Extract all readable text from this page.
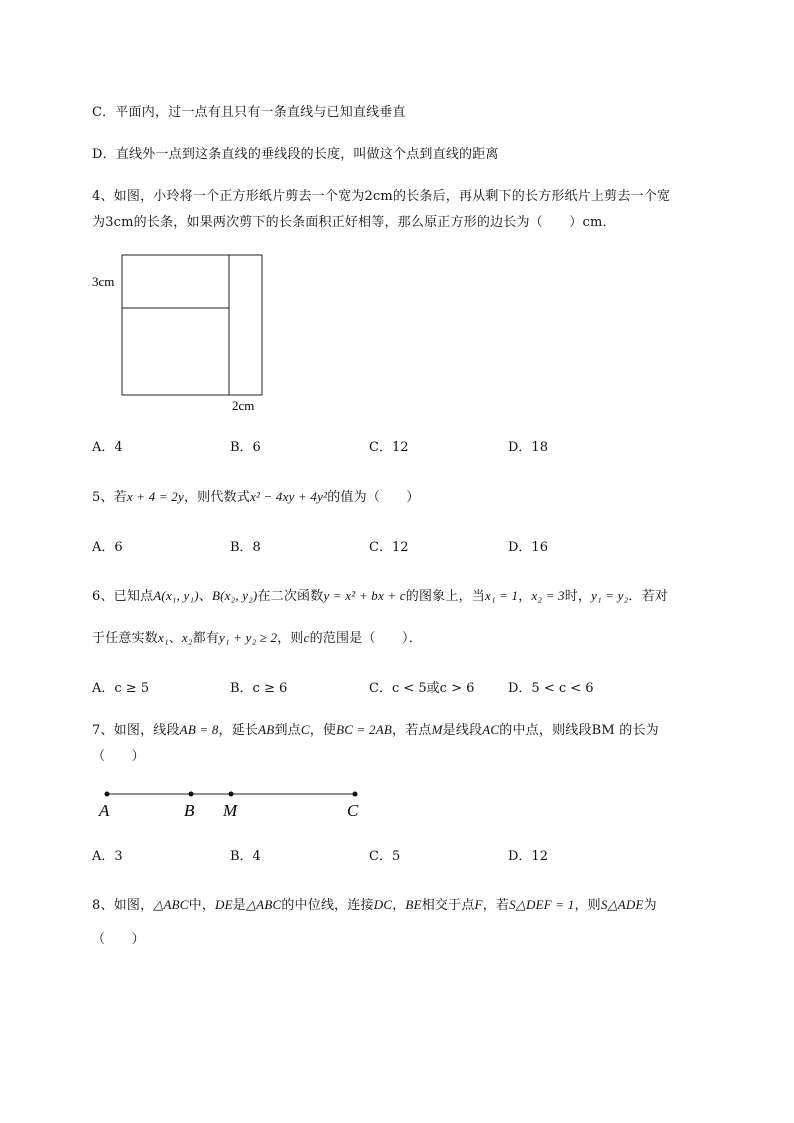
C．平面内，过一点有且只有一条直线与已知直线垂直
D．直线外一点到这条直线的垂线段的长度，叫做这个点到直线的距离
4、如图，小玲将一个正方形纸片剪去一个宽为2cm的长条后，再从剩下的长方形纸片上剪去一个宽
为3cm的长条，如果两次剪下的长条面积正好相等，那么原正方形的边长为（　　）cm．
3cm
2cm
A．4	B．6	C．12	D．18
5、若x + 4 = 2y，则代数式x² − 4xy + 4y²的值为（　　）
A．6	B．8	C．12	D．16
6、已知点A(x₁, y₁)、B(x₂, y₂)在二次函数y = x² + bx + c的图象上，当x₁ = 1，x₂ = 3时，y₁ = y₂．若对
于任意实数x₁、x₂都有y₁ + y₂ ≥ 2，则c的范围是（　　）．
A．c ≥ 5	B．c ≥ 6	C．c < 5或c > 6	D．5 < c < 6
7、如图，线段AB = 8，延长AB到点C，使BC = 2AB，若点M是线段AC的中点，则线段BM 的长为
（　　）
A	B M	C
A．3	B．4	C．5	D．12
8、如图，△ABC中，DE是△ABC的中位线，连接DC，BE相交于点F，若S△DEF = 1，则S△ADE为
（　　）
